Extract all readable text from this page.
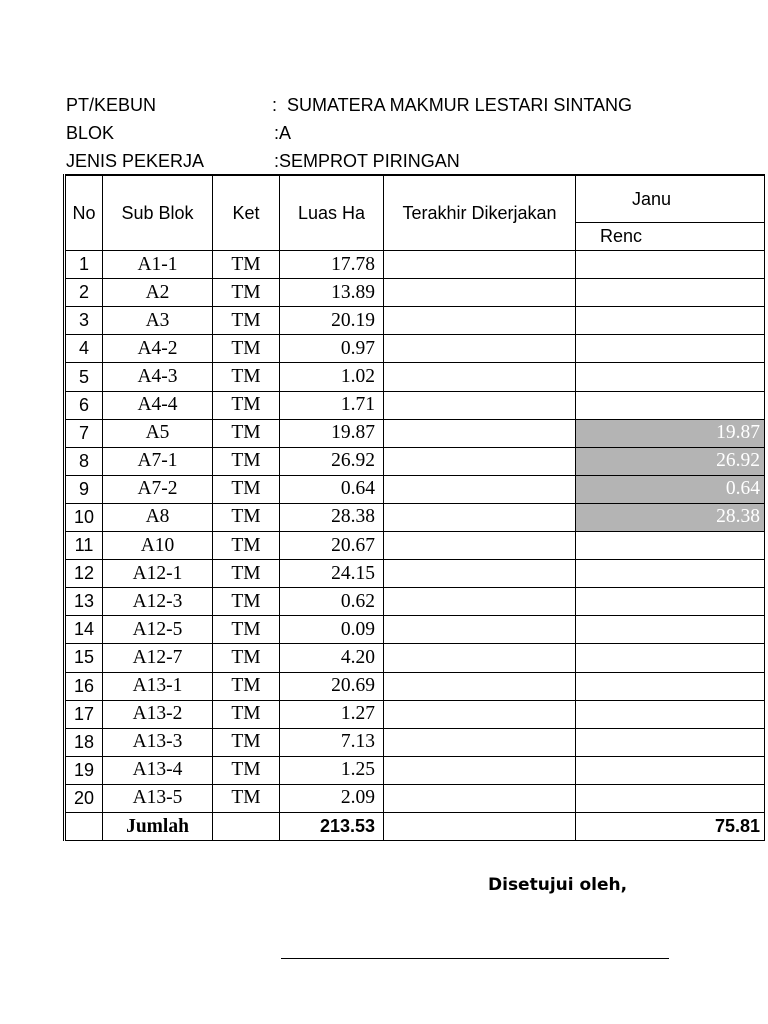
PT/KEBUN	: SUMATERA MAKMUR LESTARI SINTANG
BLOK	:A
JENIS PEKERJA	:SEMPROT PIRINGAN
No	Sub Blok	Ket	Luas Ha	Terakhir Dikerjakan	Janu
					Renc
1	A1-1	TM	17.78		
2	A2	TM	13.89		
3	A3	TM	20.19		
4	A4-2	TM	0.97		
5	A4-3	TM	1.02		
6	A4-4	TM	1.71		
7	A5	TM	19.87		19.87
8	A7-1	TM	26.92		26.92
9	A7-2	TM	0.64		0.64
10	A8	TM	28.38		28.38
11	A10	TM	20.67		
12	A12-1	TM	24.15		
13	A12-3	TM	0.62		
14	A12-5	TM	0.09		
15	A12-7	TM	4.20		
16	A13-1	TM	20.69		
17	A13-2	TM	1.27		
18	A13-3	TM	7.13		
19	A13-4	TM	1.25		
20	A13-5	TM	2.09		
	Jumlah		213.53		75.81
Disetujui oleh,
